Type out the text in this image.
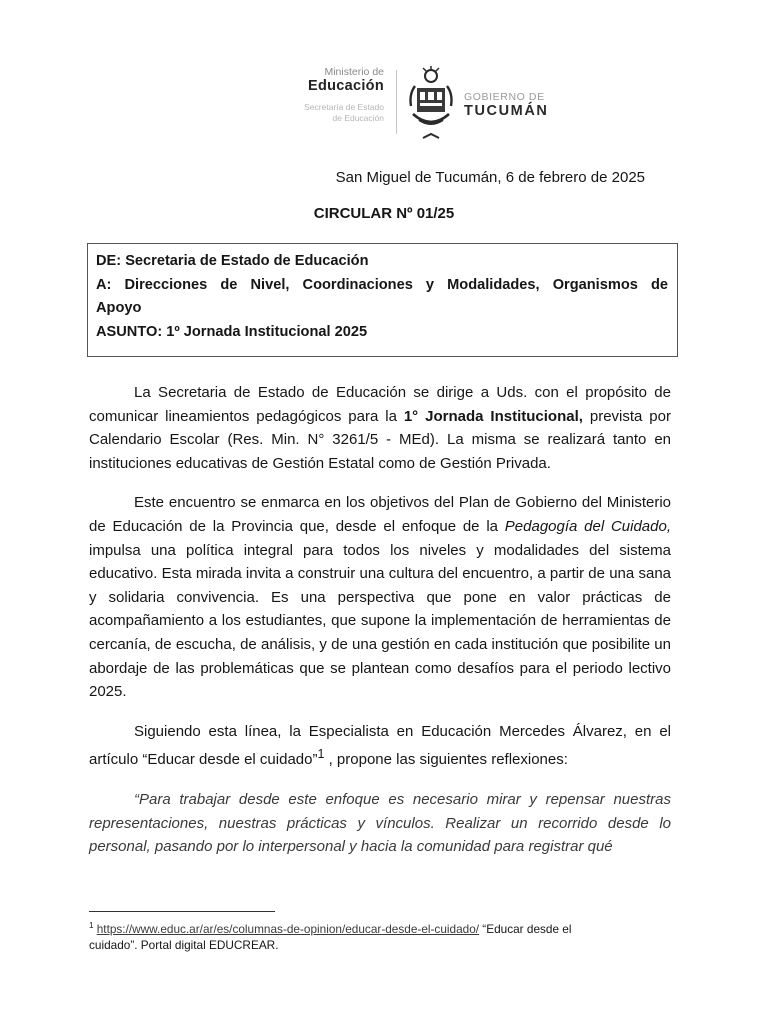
Ministerio de
Educación
Secretaría de Estado
de Educación
GOBIERNO DE
TUCUMÁN
San Miguel de Tucumán, 6 de febrero de 2025
CIRCULAR Nº 01/25
DE: Secretaria de Estado de Educación
A: Direcciones de Nivel, Coordinaciones y Modalidades, Organismos de
Apoyo
ASUNTO: 1º Jornada Institucional 2025

La Secretaria de Estado de Educación se dirige a Uds. con el propósito de comunicar lineamientos pedagógicos para la 1° Jornada Institucional, prevista por Calendario Escolar (Res. Min. N° 3261/5 - MEd). La misma se realizará tanto en instituciones educativas de Gestión Estatal como de Gestión Privada.

Este encuentro se enmarca en los objetivos del Plan de Gobierno del Ministerio de Educación de la Provincia que, desde el enfoque de la Pedagogía del Cuidado, impulsa una política integral para todos los niveles y modalidades del sistema educativo. Esta mirada invita a construir una cultura del encuentro, a partir de una sana y solidaria convivencia. Es una perspectiva que pone en valor prácticas de acompañamiento a los estudiantes, que supone la implementación de herramientas de cercanía, de escucha, de análisis, y de una gestión en cada institución que posibilite un abordaje de las problemáticas que se plantean como desafíos para el periodo lectivo 2025.

Siguiendo esta línea, la Especialista en Educación Mercedes Álvarez, en el artículo “Educar desde el cuidado”$^1$ , propone las siguientes reflexiones:

“Para trabajar desde este enfoque es necesario mirar y repensar nuestras representaciones, nuestras prácticas y vínculos. Realizar un recorrido desde lo personal, pasando por lo interpersonal y hacia la comunidad para registrar qué

$^1$ https://www.educ.ar/ar/es/columnas-de-opinion/educar-desde-el-cuidado/ “Educar desde el
cuidado”. Portal digital EDUCREAR.
